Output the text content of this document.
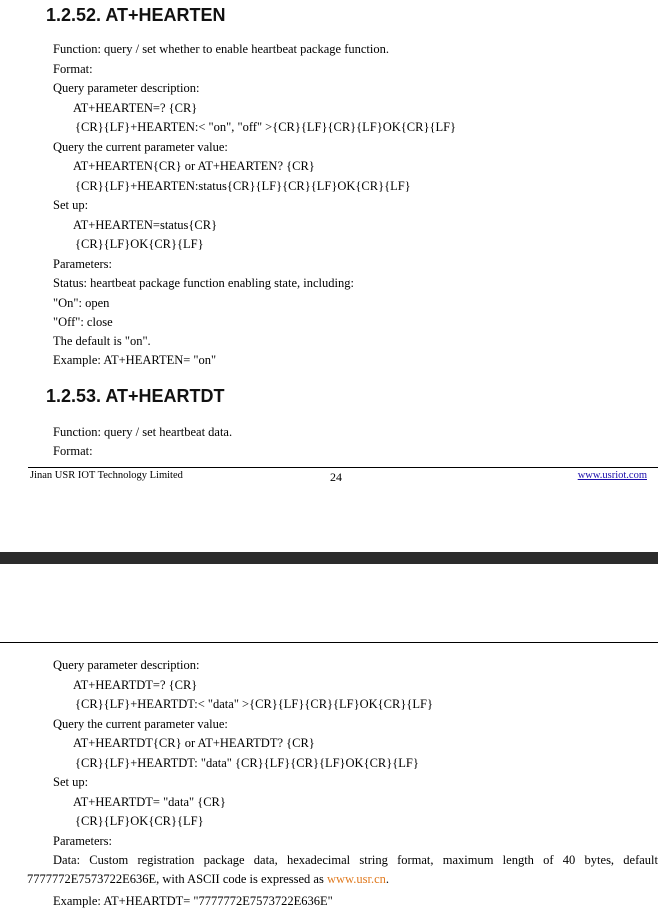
1.2.52. AT+HEARTEN
Function: query / set whether to enable heartbeat package function.
Format:
Query parameter description:
AT+HEARTEN=? {CR}
{CR}{LF}+HEARTEN:< "on", "off" >{CR}{LF}{CR}{LF}OK{CR}{LF}
Query the current parameter value:
AT+HEARTEN{CR} or AT+HEARTEN? {CR}
{CR}{LF}+HEARTEN:status{CR}{LF}{CR}{LF}OK{CR}{LF}
Set up:
AT+HEARTEN=status{CR}
{CR}{LF}OK{CR}{LF}
Parameters:
Status: heartbeat package function enabling state, including:
"On": open
"Off": close
The default is "on".
Example: AT+HEARTEN= "on"
1.2.53. AT+HEARTDT
Function: query / set heartbeat data.
Format:
Jinan USR IOT Technology Limited	24	www.usriot.com
Query parameter description:
AT+HEARTDT=? {CR}
{CR}{LF}+HEARTDT:< "data" >{CR}{LF}{CR}{LF}OK{CR}{LF}
Query the current parameter value:
AT+HEARTDT{CR} or AT+HEARTDT? {CR}
{CR}{LF}+HEARTDT: "data" {CR}{LF}{CR}{LF}OK{CR}{LF}
Set up:
AT+HEARTDT= "data" {CR}
{CR}{LF}OK{CR}{LF}
Parameters:
Data: Custom registration package data, hexadecimal string format, maximum length of 40 bytes, default
7777772E7573722E636E, with ASCII code is expressed as www.usr.cn.
Example: AT+HEARTDT= "7777772E7573722E636E"
